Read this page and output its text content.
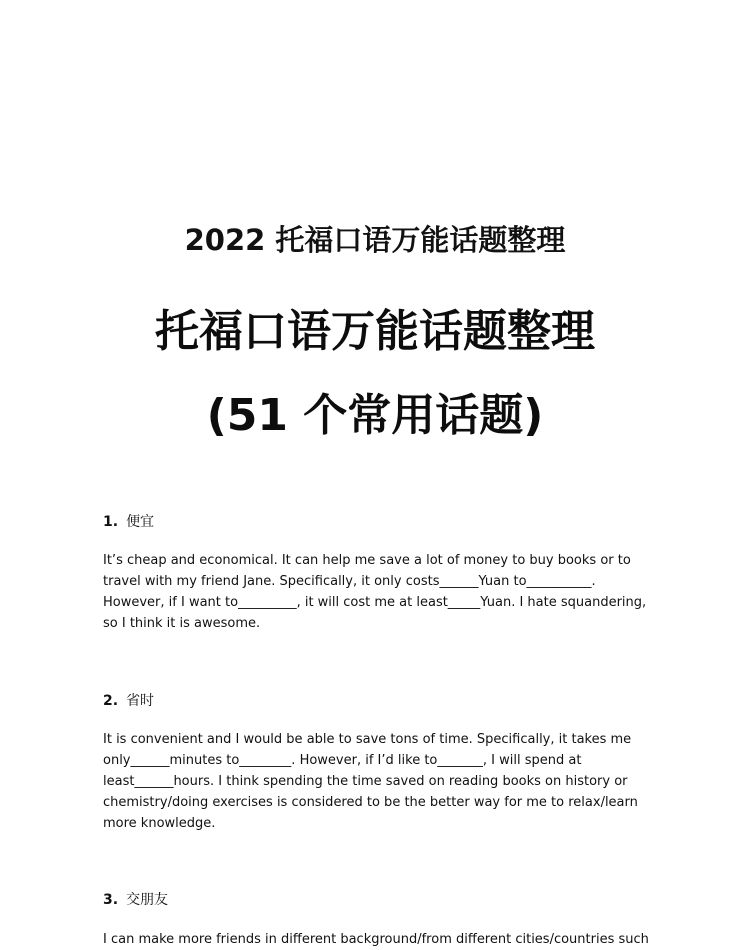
2022 托福口语万能话题整理
托福口语万能话题整理
(51 个常用话题)
1. 便宜
It’s cheap and economical. It can help me save a lot of money to buy books or to
travel with my friend Jane. Specifically, it only costs______Yuan to__________.
However, if I want to_________, it will cost me at least_____Yuan. I hate squandering,
so I think it is awesome.
2. 省时
It is convenient and I would be able to save tons of time. Specifically, it takes me
only______minutes to________. However, if I’d like to_______, I will spend at
least______hours. I think spending the time saved on reading books on history or
chemistry/doing exercises is considered to be the better way for me to relax/learn
more knowledge.
3. 交朋友
I can make more friends in different background/from different cities/countries such
